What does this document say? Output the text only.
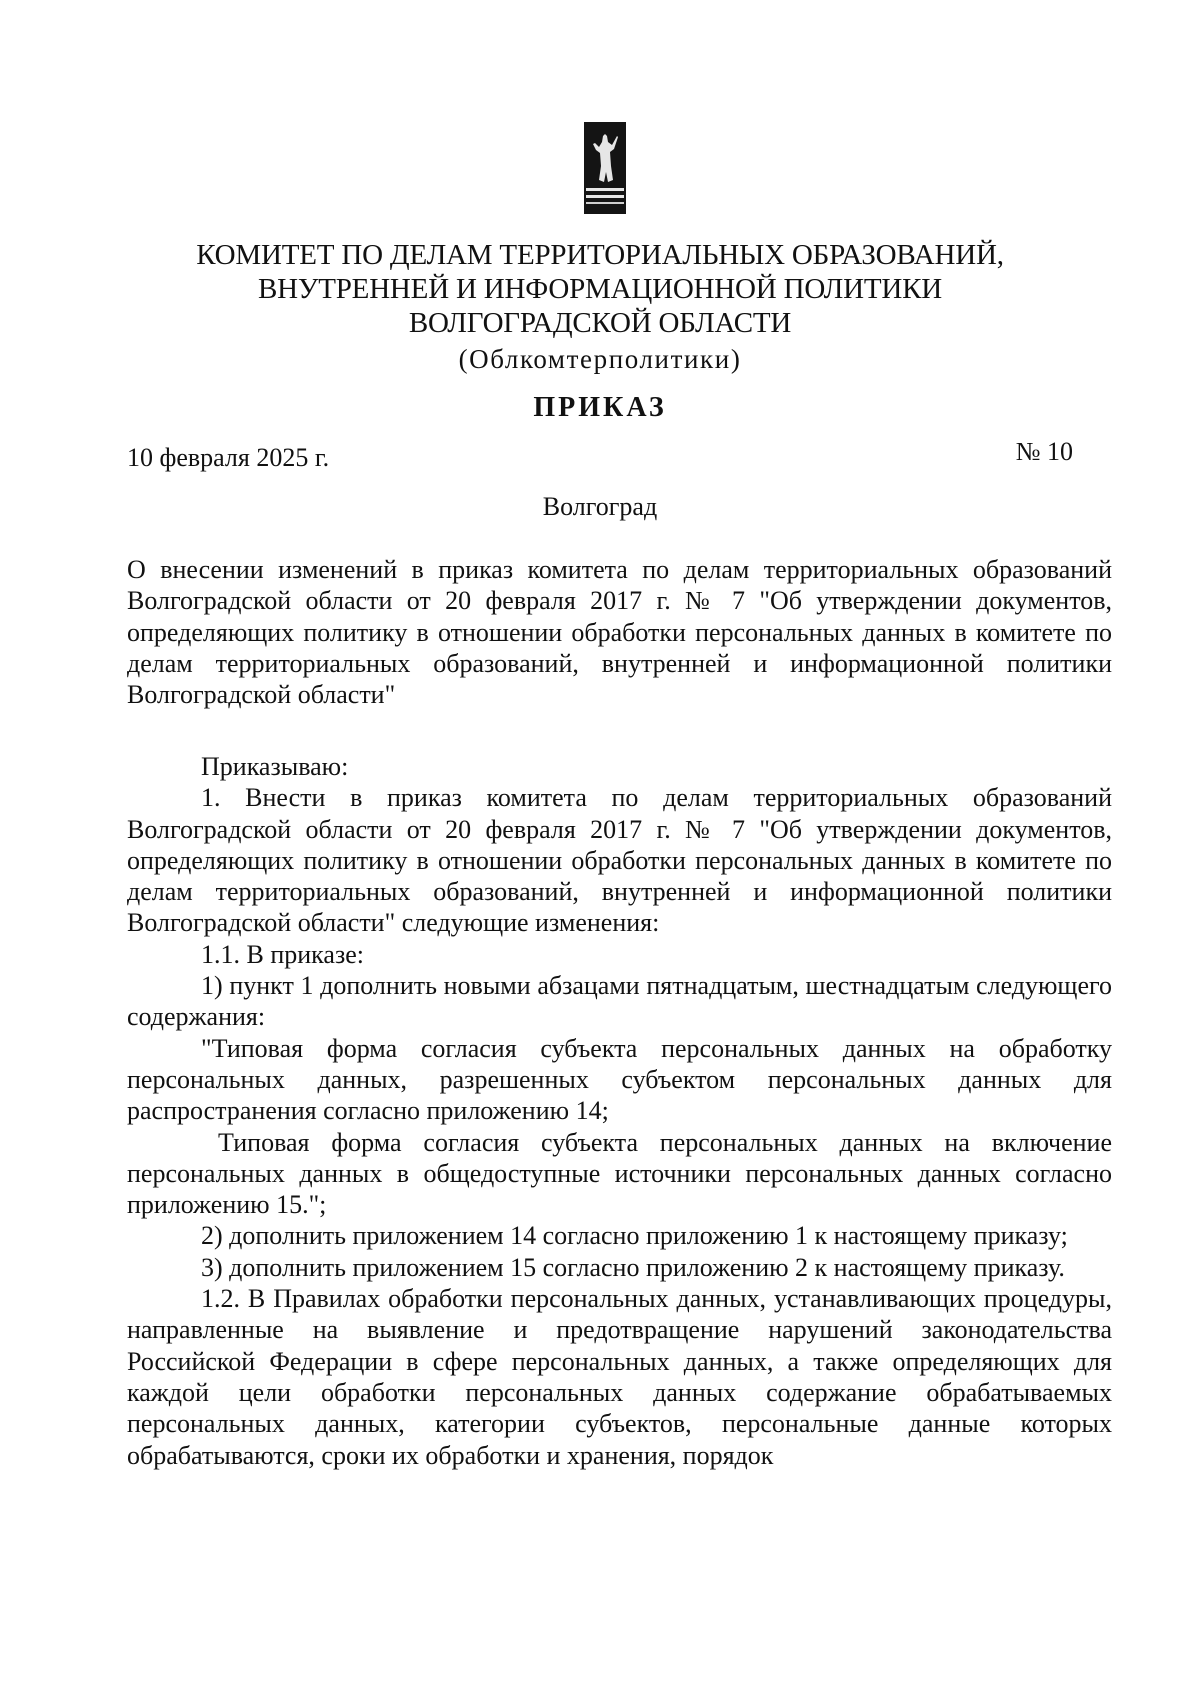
КОМИТЕТ ПО ДЕЛАМ ТЕРРИТОРИАЛЬНЫХ ОБРАЗОВАНИЙ,
ВНУТРЕННЕЙ И ИНФОРМАЦИОННОЙ ПОЛИТИКИ
ВОЛГОГРАДСКОЙ ОБЛАСТИ
(Облкомтерполитики)
ПРИКАЗ
10 февраля 2025 г.	№ 10
Волгоград
О внесении изменений в приказ комитета по делам территориальных образований Волгоградской области от 20 февраля 2017 г. № 7 "Об утверждении документов, определяющих политику в отношении обработки персональных данных в комитете по делам территориальных образований, внутренней и информационной политики Волгоградской области"

Приказываю:

1. Внести в приказ комитета по делам территориальных образований Волгоградской области от 20 февраля 2017 г. № 7 "Об утверждении документов, определяющих политику в отношении обработки персональных данных в комитете по делам территориальных образований, внутренней и информационной политики Волгоградской области" следующие изменения:

1.1. В приказе:

1) пункт 1 дополнить новыми абзацами пятнадцатым, шестнадцатым следующего содержания:

"Типовая форма согласия субъекта персональных данных на обработку персональных данных, разрешенных субъектом персональных данных для распространения согласно приложению 14;

Типовая форма согласия субъекта персональных данных на включение персональных данных в общедоступные источники персональных данных согласно приложению 15.";

2) дополнить приложением 14 согласно приложению 1 к настоящему приказу;

3) дополнить приложением 15 согласно приложению 2 к настоящему приказу.

1.2. В Правилах обработки персональных данных, устанавливающих процедуры, направленные на выявление и предотвращение нарушений законодательства Российской Федерации в сфере персональных данных, а также определяющих для каждой цели обработки персональных данных содержание обрабатываемых персональных данных, категории субъектов, персональные данные которых обрабатываются, сроки их обработки и хранения, порядок
